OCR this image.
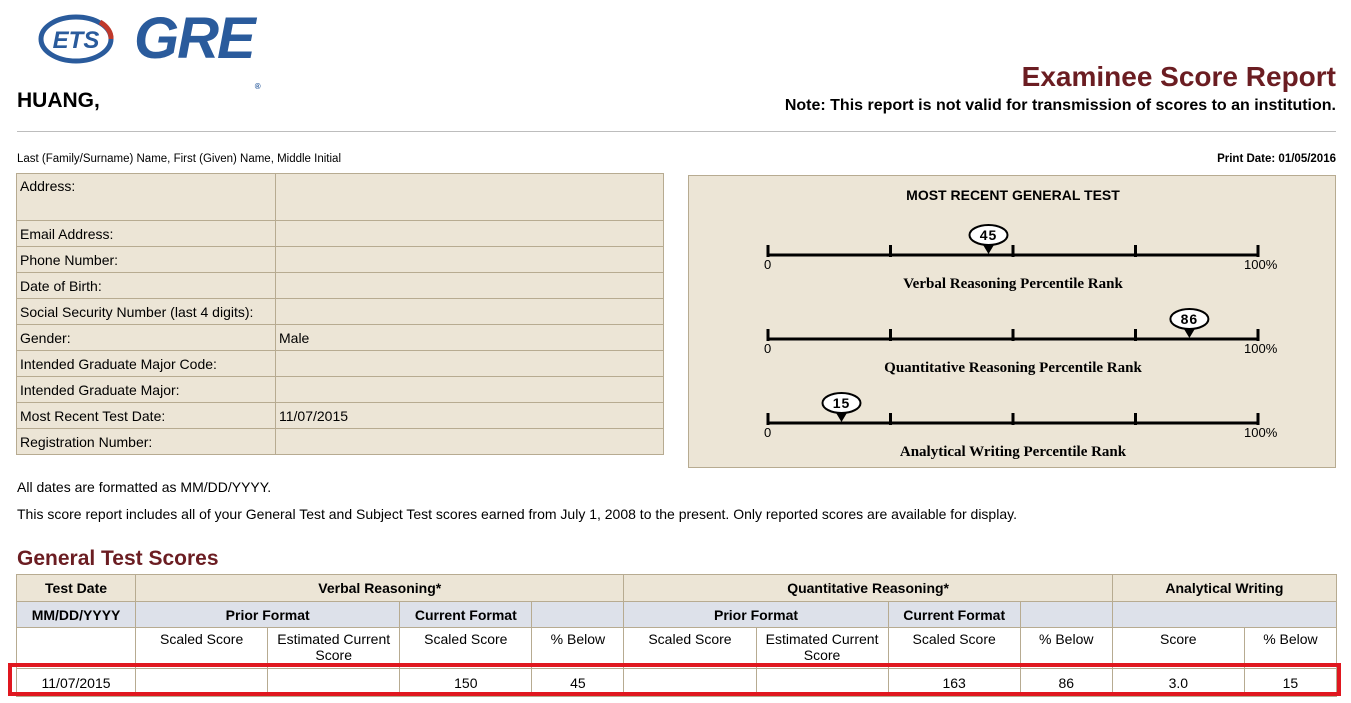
ETS GRE®
HUANG,
Examinee Score Report
Note: This report is not valid for transmission of scores to an institution.
Last (Family/Surname) Name, First (Given) Name, Middle Initial	Print Date: 01/05/2016
Address:	
Email Address:	
Phone Number:	
Date of Birth:	
Social Security Number (last 4 digits):	
Gender:	Male
Intended Graduate Major Code:	
Intended Graduate Major:	
Most Recent Test Date:	11/07/2015
Registration Number:	
MOST RECENT GENERAL TEST
0	100%
45
Verbal Reasoning Percentile Rank
0	100%
86
Quantitative Reasoning Percentile Rank
0	100%
15
Analytical Writing Percentile Rank
All dates are formatted as MM/DD/YYYY.
This score report includes all of your General Test and Subject Test scores earned from July 1, 2008 to the present. Only reported scores are available for display.
General Test Scores
Test Date	Verbal Reasoning*				Quantitative Reasoning*				Analytical Writing	
MM/DD/YYYY	Prior Format		Current Format		Prior Format		Current Format			
	Scaled Score	Estimated Current Score	Scaled Score	% Below	Scaled Score	Estimated Current Score	Scaled Score	% Below	Score	% Below
11/07/2015			150	45			163	86	3.0	15
